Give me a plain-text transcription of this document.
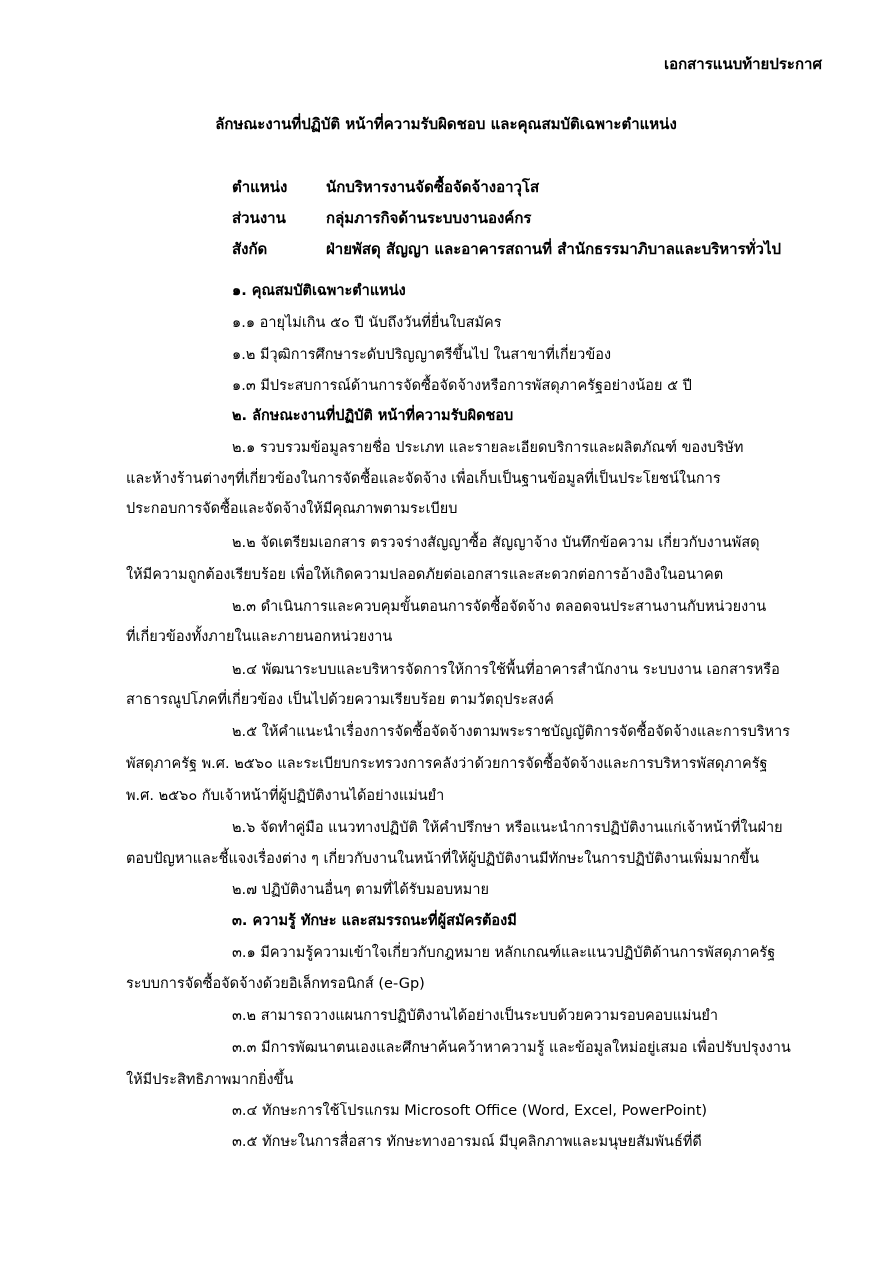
เอกสารแนบท้ายประกาศ
ลักษณะงานที่ปฏิบัติ หน้าที่ความรับผิดชอบ และคุณสมบัติเฉพาะตำแหน่ง
ตำแหน่ง	นักบริหารงานจัดซื้อจัดจ้างอาวุโส
ส่วนงาน	กลุ่มภารกิจด้านระบบงานองค์กร
สังกัด	ฝ่ายพัสดุ สัญญา และอาคารสถานที่ สำนักธรรมาภิบาลและบริหารทั่วไป
๑. คุณสมบัติเฉพาะตำแหน่ง
๑.๑ อายุไม่เกิน ๕๐ ปี นับถึงวันที่ยื่นใบสมัคร
๑.๒ มีวุฒิการศึกษาระดับปริญญาตรีขึ้นไป ในสาขาที่เกี่ยวข้อง
๑.๓ มีประสบการณ์ด้านการจัดซื้อจัดจ้างหรือการพัสดุภาครัฐอย่างน้อย ๕ ปี
๒. ลักษณะงานที่ปฏิบัติ หน้าที่ความรับผิดชอบ
๒.๑ รวบรวมข้อมูลรายชื่อ ประเภท และรายละเอียดบริการและผลิตภัณฑ์ ของบริษัท
และห้างร้านต่างๆที่เกี่ยวข้องในการจัดซื้อและจัดจ้าง เพื่อเก็บเป็นฐานข้อมูลที่เป็นประโยชน์ในการ
ประกอบการจัดซื้อและจัดจ้างให้มีคุณภาพตามระเบียบ
๒.๒ จัดเตรียมเอกสาร ตรวจร่างสัญญาซื้อ สัญญาจ้าง บันทึกข้อความ เกี่ยวกับงานพัสดุ
ให้มีความถูกต้องเรียบร้อย เพื่อให้เกิดความปลอดภัยต่อเอกสารและสะดวกต่อการอ้างอิงในอนาคต
๒.๓ ดำเนินการและควบคุมขั้นตอนการจัดซื้อจัดจ้าง ตลอดจนประสานงานกับหน่วยงาน
ที่เกี่ยวข้องทั้งภายในและภายนอกหน่วยงาน
๒.๔ พัฒนาระบบและบริหารจัดการให้การใช้พื้นที่อาคารสำนักงาน ระบบงาน เอกสารหรือ
สาธารณูปโภคที่เกี่ยวข้อง เป็นไปด้วยความเรียบร้อย ตามวัตถุประสงค์
๒.๕ ให้คำแนะนำเรื่องการจัดซื้อจัดจ้างตามพระราชบัญญัติการจัดซื้อจัดจ้างและการบริหาร
พัสดุภาครัฐ พ.ศ. ๒๕๖๐ และระเบียบกระทรวงการคลังว่าด้วยการจัดซื้อจัดจ้างและการบริหารพัสดุภาครัฐ
พ.ศ. ๒๕๖๐ กับเจ้าหน้าที่ผู้ปฏิบัติงานได้อย่างแม่นยำ
๒.๖ จัดทำคู่มือ แนวทางปฏิบัติ ให้คำปรึกษา หรือแนะนำการปฏิบัติงานแก่เจ้าหน้าที่ในฝ่าย
ตอบปัญหาและชี้แจงเรื่องต่าง ๆ เกี่ยวกับงานในหน้าที่ให้ผู้ปฏิบัติงานมีทักษะในการปฏิบัติงานเพิ่มมากขึ้น
๒.๗ ปฏิบัติงานอื่นๆ ตามที่ได้รับมอบหมาย
๓. ความรู้ ทักษะ และสมรรถนะที่ผู้สมัครต้องมี
๓.๑ มีความรู้ความเข้าใจเกี่ยวกับกฎหมาย หลักเกณฑ์และแนวปฏิบัติด้านการพัสดุภาครัฐ
ระบบการจัดซื้อจัดจ้างด้วยอิเล็กทรอนิกส์ (e-Gp)
๓.๒ สามารถวางแผนการปฏิบัติงานได้อย่างเป็นระบบด้วยความรอบคอบแม่นยำ
๓.๓ มีการพัฒนาตนเองและศึกษาค้นคว้าหาความรู้ และข้อมูลใหม่อยู่เสมอ เพื่อปรับปรุงงาน
ให้มีประสิทธิภาพมากยิ่งขึ้น
๓.๔ ทักษะการใช้โปรแกรม Microsoft Office (Word, Excel, PowerPoint)
๓.๕ ทักษะในการสื่อสาร ทักษะทางอารมณ์ มีบุคลิกภาพและมนุษยสัมพันธ์ที่ดี
